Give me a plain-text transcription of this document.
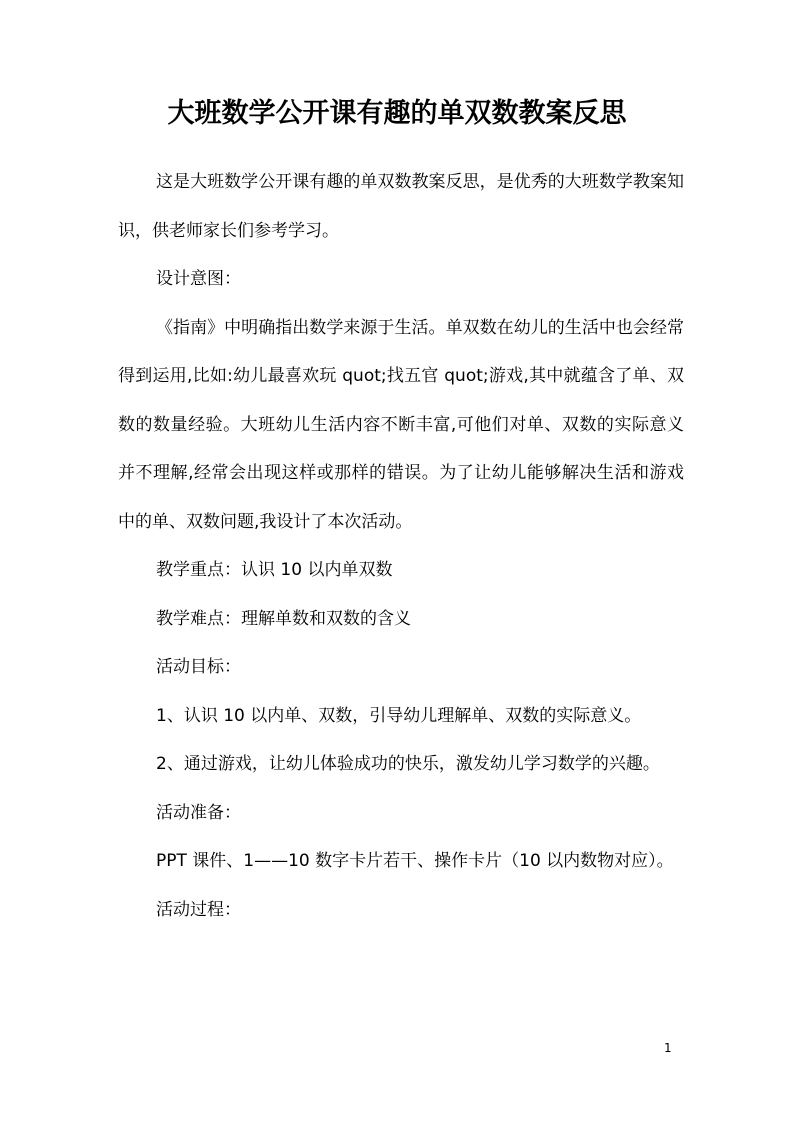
大班数学公开课有趣的单双数教案反思

这是大班数学公开课有趣的单双数教案反思，是优秀的大班数学教案知识，供老师家长们参考学习。

设计意图：

《指南》中明确指出数学来源于生活。单双数在幼儿的生活中也会经常得到运用,比如:幼儿最喜欢玩 quot;找五官 quot;游戏,其中就蕴含了单、双数的数量经验。大班幼儿生活内容不断丰富,可他们对单、双数的实际意义并不理解,经常会出现这样或那样的错误。为了让幼儿能够解决生活和游戏中的单、双数问题,我设计了本次活动。

教学重点：认识 10 以内单双数

教学难点：理解单数和双数的含义

活动目标：

1、认识 10 以内单、双数，引导幼儿理解单、双数的实际意义。

2、通过游戏，让幼儿体验成功的快乐，激发幼儿学习数学的兴趣。

活动准备：

PPT 课件、1——10 数字卡片若干、操作卡片（10 以内数物对应）。

活动过程：

1
